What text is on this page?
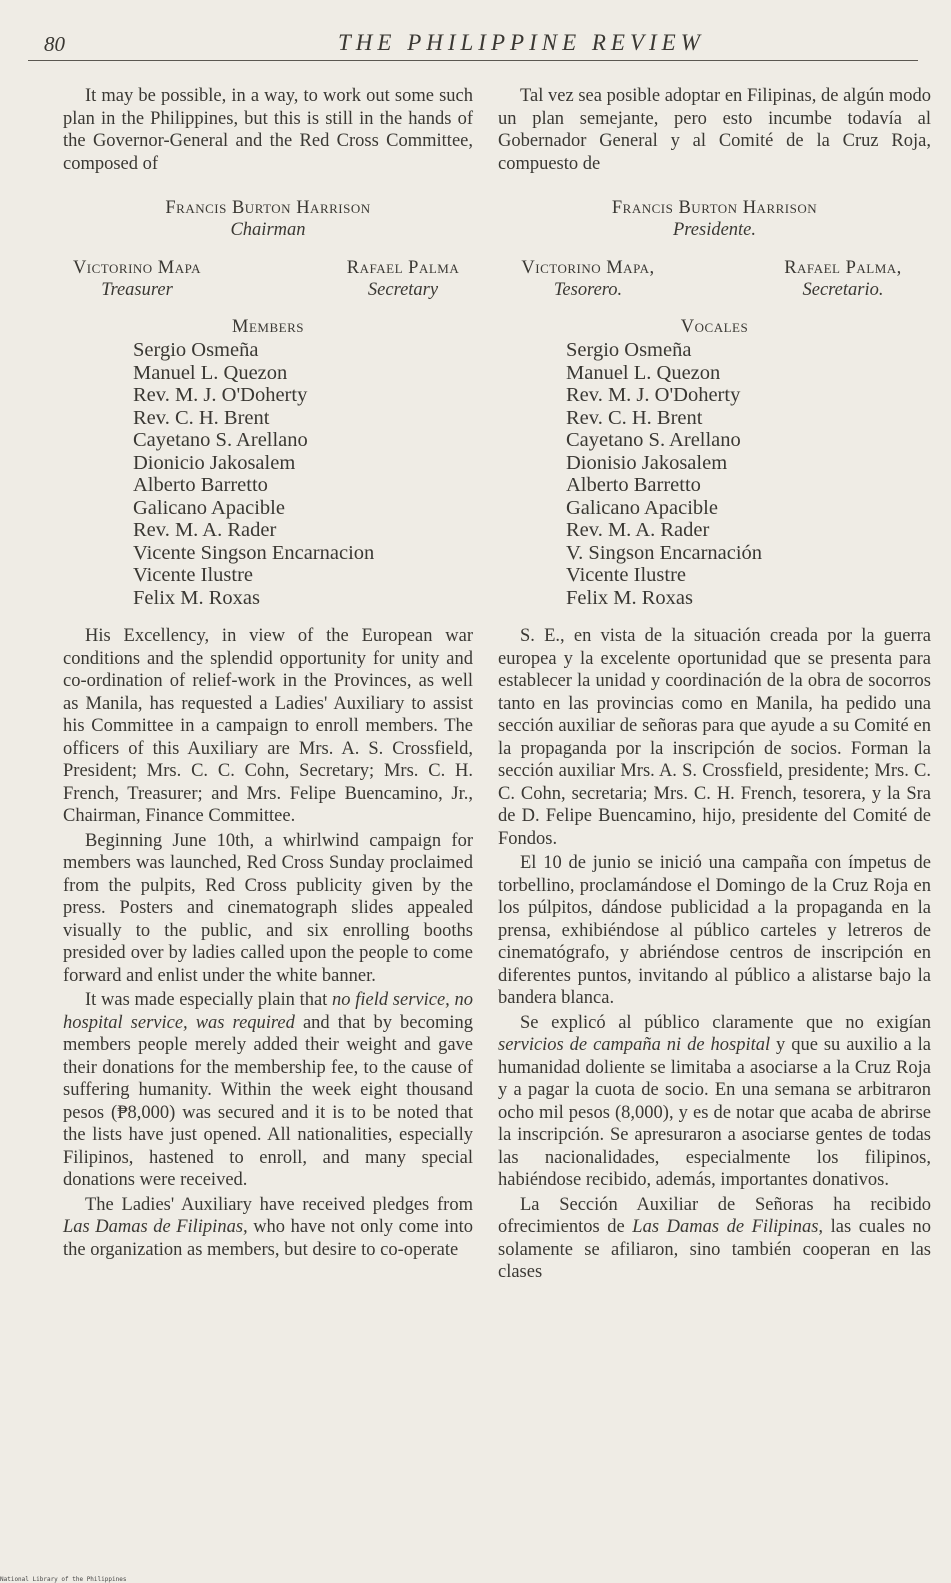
80	THE PHILIPPINE REVIEW

It may be possible, in a way, to work out some such plan in the Philippines, but this is still in the hands of the Governor-General and the Red Cross Committee, composed of

Francis Burton Harrison
Chairman
Victorino Mapa
Treasurer
Rafael Palma
Secretary
Members
Sergio Osmeña
Manuel L. Quezon
Rev. M. J. O'Doherty
Rev. C. H. Brent
Cayetano S. Arellano
Dionicio Jakosalem
Alberto Barretto
Galicano Apacible
Rev. M. A. Rader
Vicente Singson Encarnacion
Vicente Ilustre
Felix M. Roxas

His Excellency, in view of the European war conditions and the splendid opportunity for unity and co-ordination of relief-work in the Provinces, as well as Manila, has requested a Ladies' Auxiliary to assist his Committee in a campaign to enroll members. The officers of this Auxiliary are Mrs. A. S. Crossfield, President; Mrs. C. C. Cohn, Secretary; Mrs. C. H. French, Treasurer; and Mrs. Felipe Buencamino, Jr., Chairman, Finance Committee.

Beginning June 10th, a whirlwind campaign for members was launched, Red Cross Sunday proclaimed from the pulpits, Red Cross publicity given by the press. Posters and cinematograph slides appealed visually to the public, and six enrolling booths presided over by ladies called upon the people to come forward and enlist under the white banner.

It was made especially plain that no field service, no hospital service, was required and that by becoming members people merely added their weight and gave their donations for the membership fee, to the cause of suffering humanity. Within the week eight thousand pesos (₱8,000) was secured and it is to be noted that the lists have just opened. All nationalities, especially Filipinos, hastened to enroll, and many special donations were received.

The Ladies' Auxiliary have received pledges from Las Damas de Filipinas, who have not only come into the organization as members, but desire to co-operate

Tal vez sea posible adoptar en Filipinas, de algún modo un plan semejante, pero esto incumbe todavía al Gobernador General y al Comité de la Cruz Roja, compuesto de

Francis Burton Harrison
Presidente.
Victorino Mapa,
Tesorero.
Rafael Palma,
Secretario.
Vocales
Sergio Osmeña
Manuel L. Quezon
Rev. M. J. O'Doherty
Rev. C. H. Brent
Cayetano S. Arellano
Dionisio Jakosalem
Alberto Barretto
Galicano Apacible
Rev. M. A. Rader
V. Singson Encarnación
Vicente Ilustre
Felix M. Roxas

S. E., en vista de la situación creada por la guerra europea y la excelente oportunidad que se presenta para establecer la unidad y coordinación de la obra de socorros tanto en las provincias como en Manila, ha pedido una sección auxiliar de señoras para que ayude a su Comité en la propaganda por la inscripción de socios. Forman la sección auxiliar Mrs. A. S. Crossfield, presidente; Mrs. C. C. Cohn, secretaria; Mrs. C. H. French, tesorera, y la Sra de D. Felipe Buencamino, hijo, presidente del Comité de Fondos.

El 10 de junio se inició una campaña con ímpetus de torbellino, proclamándose el Domingo de la Cruz Roja en los púlpitos, dándose publicidad a la propaganda en la prensa, exhibiéndose al público carteles y letreros de cinematógrafo, y abriéndose centros de inscripción en diferentes puntos, invitando al público a alistarse bajo la bandera blanca.

Se explicó al público claramente que no exigían servicios de campaña ni de hospital y que su auxilio a la humanidad doliente se limitaba a asociarse a la Cruz Roja y a pagar la cuota de socio. En una semana se arbitraron ocho mil pesos (8,000), y es de notar que acaba de abrirse la inscripción. Se apresuraron a asociarse gentes de todas las nacionalidades, especialmente los filipinos, habiéndose recibido, además, importantes donativos.

La Sección Auxiliar de Señoras ha recibido ofrecimientos de Las Damas de Filipinas, las cuales no solamente se afiliaron, sino también cooperan en las clases

National Library of the Philippines
